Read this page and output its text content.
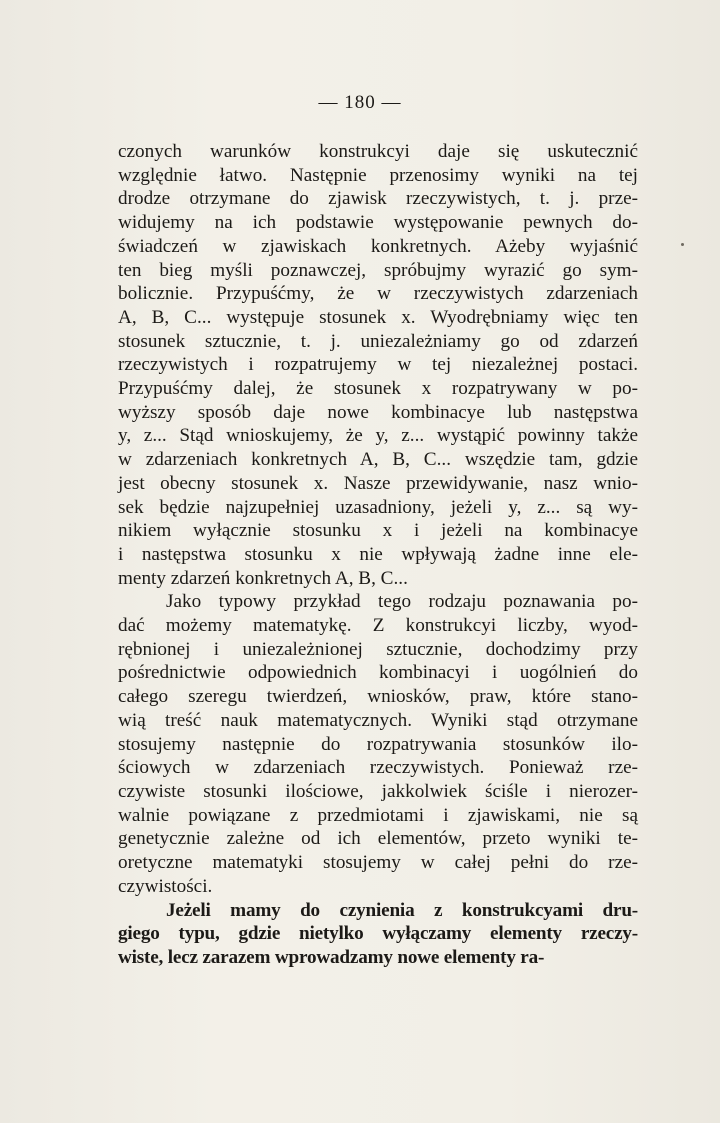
— 180 —
czonych warunków konstrukcyi daje się uskutecznić
względnie łatwo. Następnie przenosimy wyniki na tej
drodze otrzymane do zjawisk rzeczywistych, t. j. prze-
widujemy na ich podstawie występowanie pewnych do-
świadczeń w zjawiskach konkretnych. Ażeby wyjaśnić
ten bieg myśli poznawczej, spróbujmy wyrazić go sym-
bolicznie. Przypuśćmy, że w rzeczywistych zdarzeniach
A, B, C... występuje stosunek x. Wyodrębniamy więc ten
stosunek sztucznie, t. j. uniezależniamy go od zdarzeń
rzeczywistych i rozpatrujemy w tej niezależnej postaci.
Przypuśćmy dalej, że stosunek x rozpatrywany w po-
wyższy sposób daje nowe kombinacye lub następstwa
y, z... Stąd wnioskujemy, że y, z... wystąpić powinny także
w zdarzeniach konkretnych A, B, C... wszędzie tam, gdzie
jest obecny stosunek x. Nasze przewidywanie, nasz wnio-
sek będzie najzupełniej uzasadniony, jeżeli y, z... są wy-
nikiem wyłącznie stosunku x i jeżeli na kombinacye
i następstwa stosunku x nie wpływają żadne inne ele-
menty zdarzeń konkretnych A, B, C...
Jako typowy przykład tego rodzaju poznawania po-
dać możemy matematykę. Z konstrukcyi liczby, wyod-
rębnionej i uniezależnionej sztucznie, dochodzimy przy
pośrednictwie odpowiednich kombinacyi i uogólnień do
całego szeregu twierdzeń, wniosków, praw, które stano-
wią treść nauk matematycznych. Wyniki stąd otrzymane
stosujemy następnie do rozpatrywania stosunków ilo-
ściowych w zdarzeniach rzeczywistych. Ponieważ rze-
czywiste stosunki ilościowe, jakkolwiek ściśle i nierozer-
walnie powiązane z przedmiotami i zjawiskami, nie są
genetycznie zależne od ich elementów, przeto wyniki te-
oretyczne matematyki stosujemy w całej pełni do rze-
czywistości.
Jeżeli mamy do czynienia z konstrukcyami dru-
giego typu, gdzie nietylko wyłączamy elementy rzeczy-
wiste, lecz zarazem wprowadzamy nowe elementy ra-
